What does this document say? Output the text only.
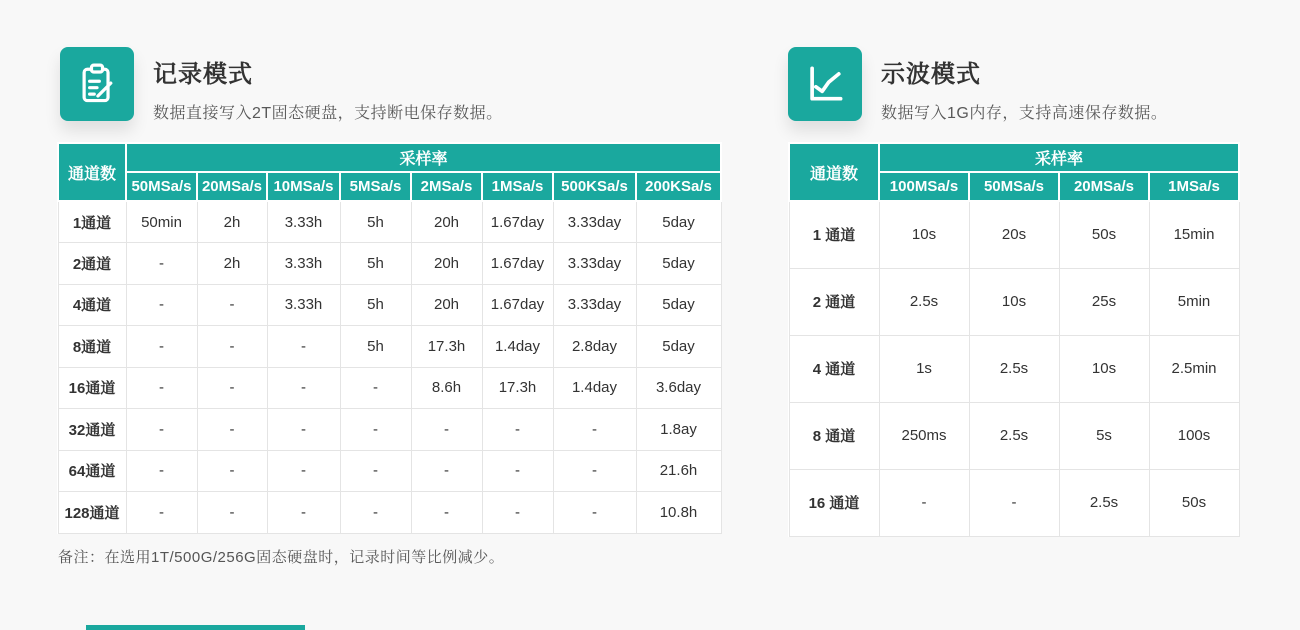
记录模式

数据直接写入2T固态硬盘，支持断电保存数据。

示波模式

数据写入1G内存，支持高速保存数据。

通道数	采样率							
	50MSa/s	20MSa/s	10MSa/s	5MSa/s	2MSa/s	1MSa/s	500KSa/s	200KSa/s
1通道	50min	2h	3.33h	5h	20h	1.67day	3.33day	5day
2通道	-	2h	3.33h	5h	20h	1.67day	3.33day	5day
4通道	-	-	3.33h	5h	20h	1.67day	3.33day	5day
8通道	-	-	-	5h	17.3h	1.4day	2.8day	5day
16通道	-	-	-	-	8.6h	17.3h	1.4day	3.6day
32通道	-	-	-	-	-	-	-	1.8ay
64通道	-	-	-	-	-	-	-	21.6h
128通道	-	-	-	-	-	-	-	10.8h
通道数	采样率			
	100MSa/s	50MSa/s	20MSa/s	1MSa/s
1 通道	10s	20s	50s	15min
2 通道	2.5s	10s	25s	5min
4 通道	1s	2.5s	10s	2.5min
8 通道	250ms	2.5s	5s	100s
16 通道	-	-	2.5s	50s

备注：在选用1T/500G/256G固态硬盘时，记录时间等比例减少。
